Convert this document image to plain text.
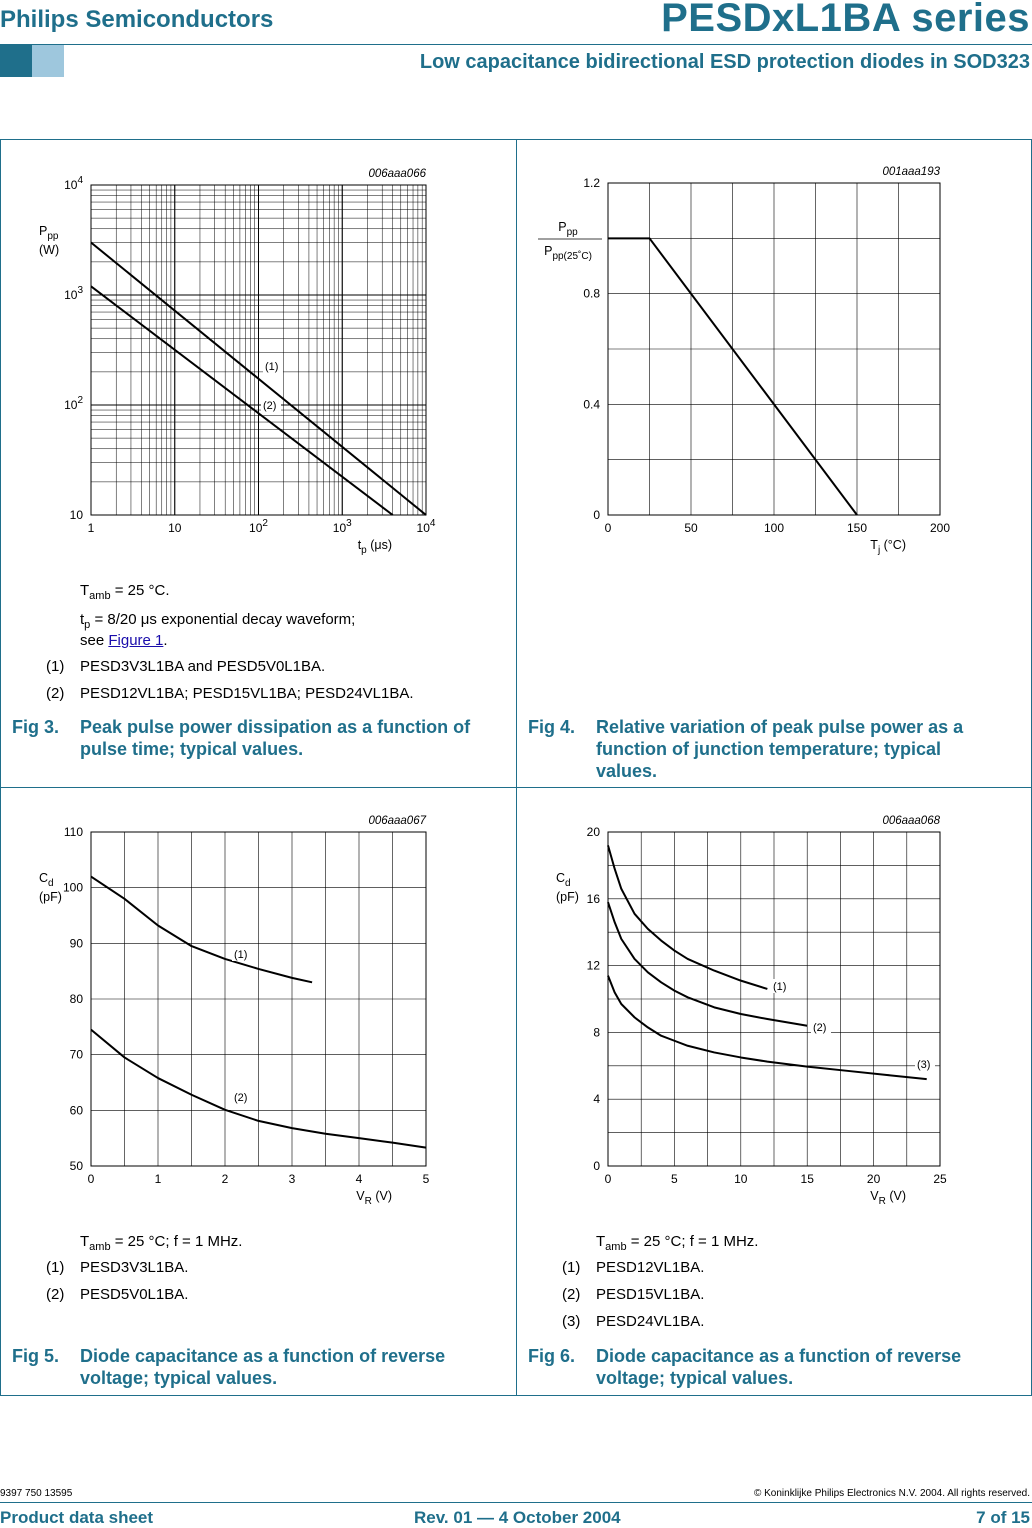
Philips Semiconductors	PESDxL1BA series
Low capacitance bidirectional ESD protection diodes in SOD323
1	10	$10^2$	$10^3$	$10^4$
10
$10^2$
$10^3$
$10^4$
$t_p$ (μs)
$P_{pp}$
(W)
006aaa066
(1)
(2)
0	50	100	150	200
0
0.4
0.8
1.2
$T_j$ (°C)
$P_{pp}$
$P_{pp(25˚C)}$
001aaa193
0	1	2	3	4	5
50
60
70
80
90
100
110
$V_R$ (V)
$C_d$
(pF)
006aaa067
(1)
(2)
0	5	10	15	20	25
0
4
8
12
16
20
$V_R$ (V)
$C_d$
(pF)
006aaa068
(1)
(2)
(3)
$T_{amb} = 25$ °C.
$t_p = 8/20$ μs exponential decay waveform;
see Figure 1.
(1) PESD3V3L1BA and PESD5V0L1BA.
(2) PESD12VL1BA; PESD15VL1BA; PESD24VL1BA.
Fig 3. Peak pulse power dissipation as a function of pulse time; typical values.
Fig 4. Relative variation of peak pulse power as a function of junction temperature; typical values.
$T_{amb} = 25$ °C; f = 1 MHz.
(1) PESD3V3L1BA.
(2) PESD5V0L1BA.
Fig 5. Diode capacitance as a function of reverse voltage; typical values.
$T_{amb} = 25$ °C; f = 1 MHz.
(1) PESD12VL1BA.
(2) PESD15VL1BA.
(3) PESD24VL1BA.
Fig 6. Diode capacitance as a function of reverse voltage; typical values.
9397 750 13595	© Koninklijke Philips Electronics N.V. 2004. All rights reserved.
Product data sheet	Rev. 01 — 4 October 2004	7 of 15
